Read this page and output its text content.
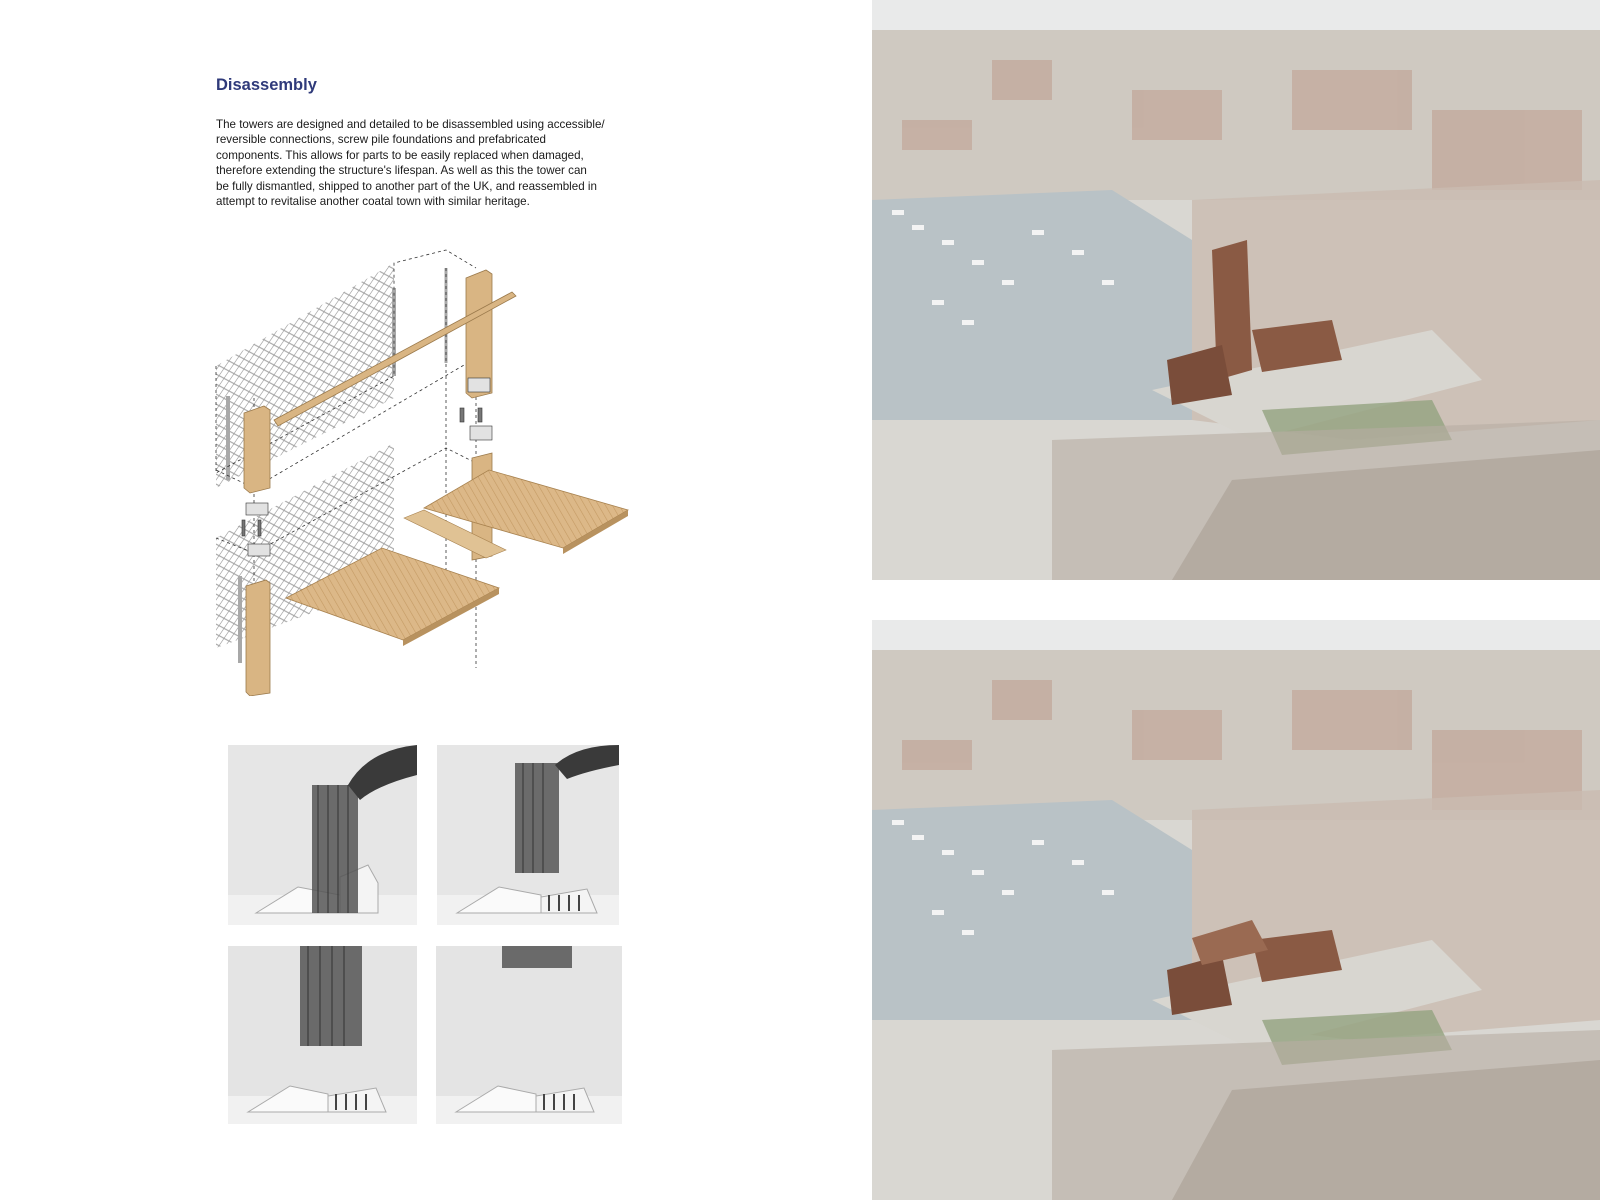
Disassembly
The towers are designed and detailed to be disassembled using accessible/
reversible connections, screw pile foundations and prefabricated
components. This allows for parts to be easily replaced when damaged,
therefore extending the structure's lifespan. As well as this the tower can
be fully dismantled, shipped to another part of the UK, and reassembled in
attempt to revitalise another coatal town with similar heritage.
